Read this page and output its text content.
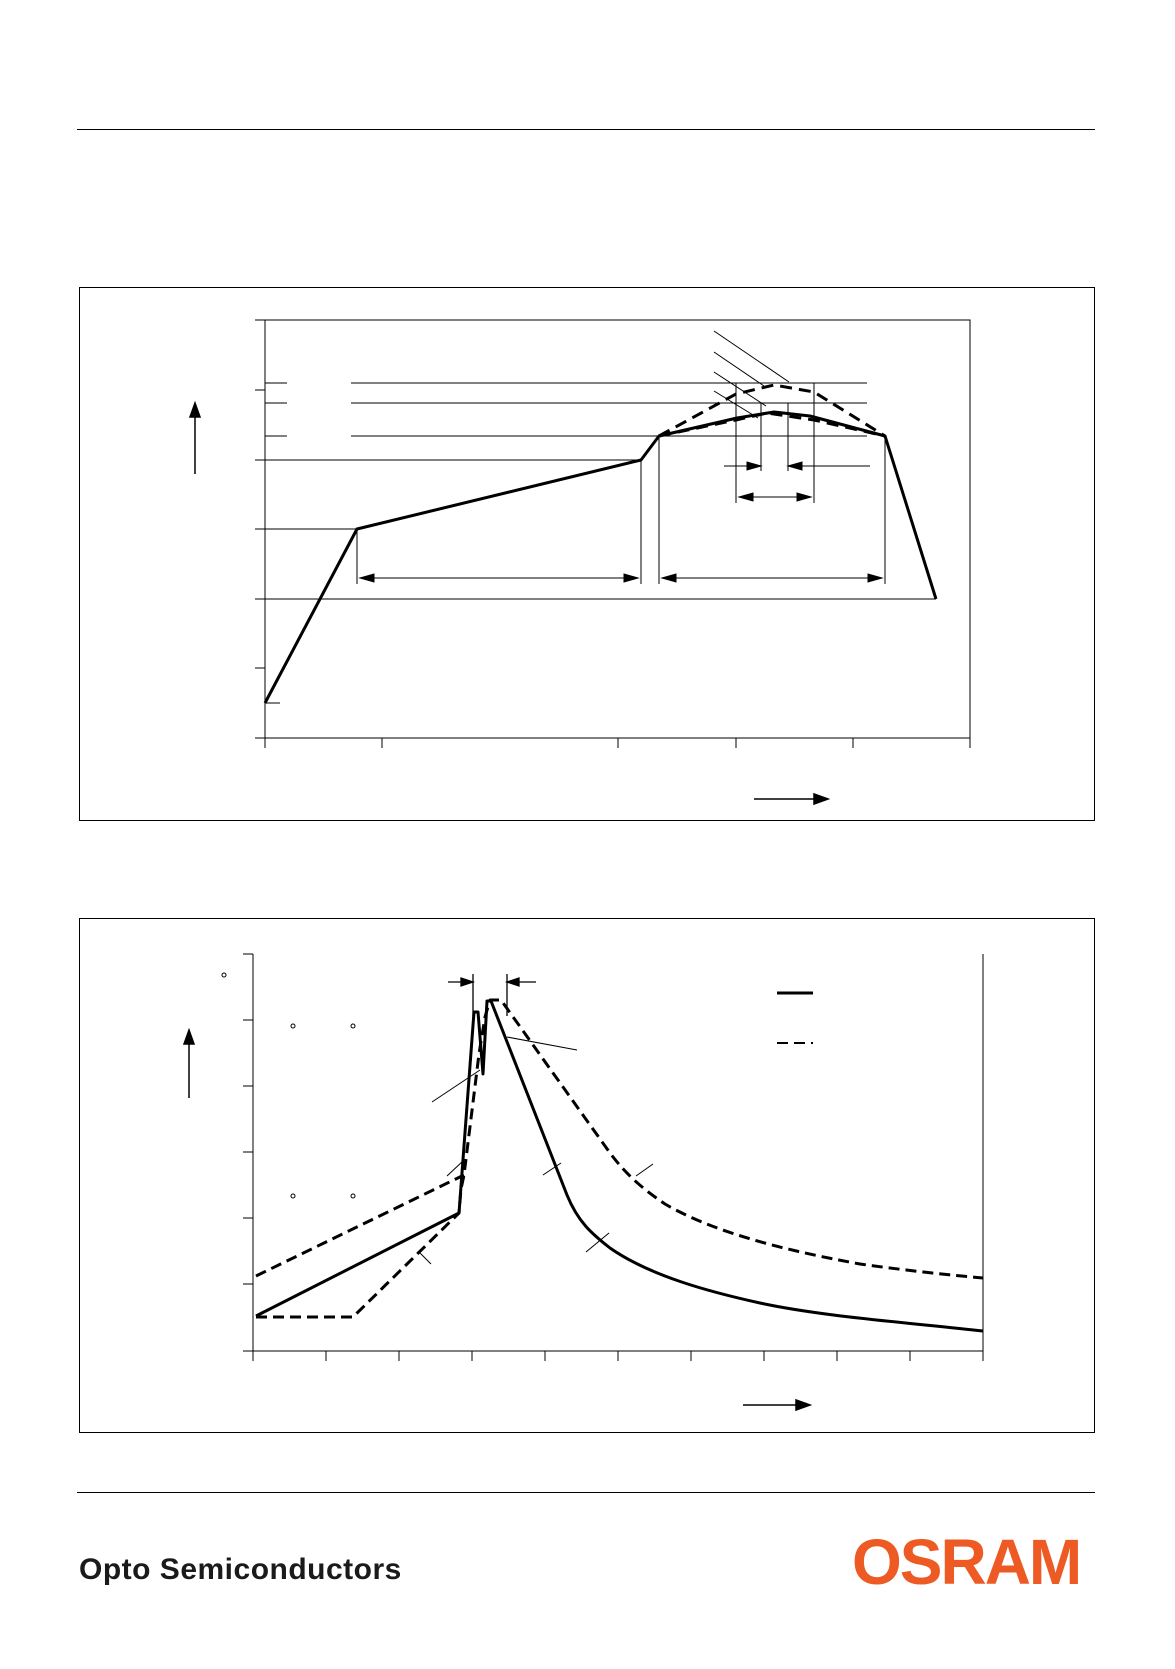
Opto Semiconductors	OSRAM
